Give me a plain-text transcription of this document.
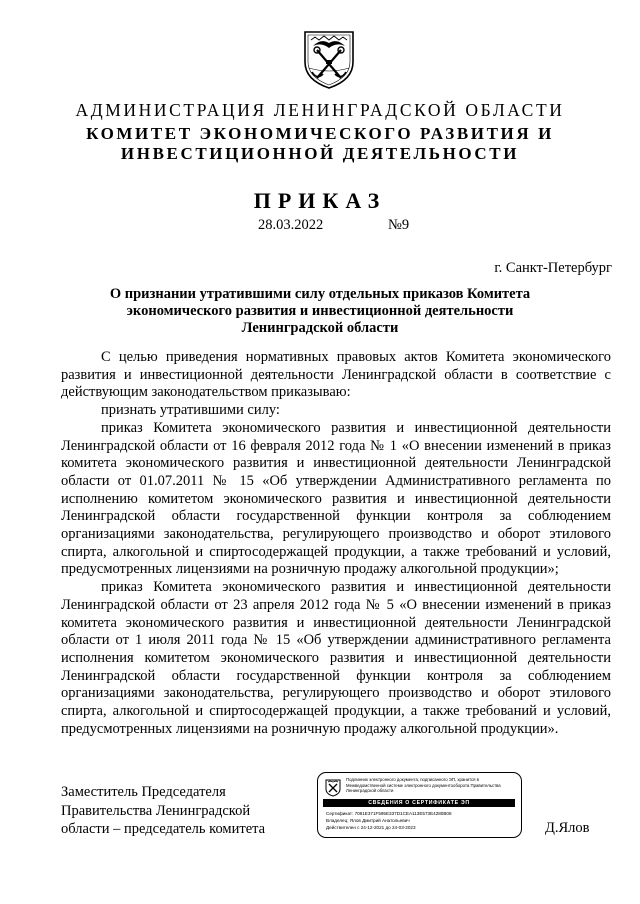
АДМИНИСТРАЦИЯ ЛЕНИНГРАДСКОЙ ОБЛАСТИ
КОМИТЕТ ЭКОНОМИЧЕСКОГО РАЗВИТИЯ И
ИНВЕСТИЦИОННОЙ ДЕЯТЕЛЬНОСТИ
ПРИКАЗ
28.03.2022	№9
г. Санкт-Петербург
О признании утратившими силу отдельных приказов Комитета
экономического развития и инвестиционной деятельности
Ленинградской области

С целью приведения нормативных правовых актов Комитета экономического развития и инвестиционной деятельности Ленинградской области в соответствие с действующим законодательством приказываю:

признать утратившими силу:

приказ Комитета экономического развития и инвестиционной деятельности Ленинградской области от 16 февраля 2012 года № 1 «О внесении изменений в приказ комитета экономического развития и инвестиционной деятельности Ленинградской области от 01.07.2011 № 15 «Об утверждении Административного регламента по исполнению комитетом экономического развития и инвестиционной деятельности Ленинградской области государственной функции контроля за соблюдением организациями законодательства, регулирующего производство и оборот этилового спирта, алкогольной и спиртосодержащей продукции, а также требований и условий, предусмотренных лицензиями на розничную продажу алкогольной продукции»;

приказ Комитета экономического развития и инвестиционной деятельности Ленинградской области от 23 апреля 2012 года № 5 «О внесении изменений в приказ комитета экономического развития и инвестиционной деятельности Ленинградской области от 1 июля 2011 года № 15 «Об утверждении административного регламента исполнения комитетом экономического развития и инвестиционной деятельности Ленинградской области государственной функции контроля за соблюдением организациями законодательства, регулирующего производство и оборот этилового спирта, алкогольной и спиртосодержащей продукции, а также требований и условий, предусмотренных лицензиями на розничную продажу алкогольной продукции».

Заместитель Председателя
Правительства Ленинградской
области – председатель комитета	Д.Ялов
Подлинник электронного документа, подписанного ЭП, хранится в Межведомственной системе электронного документооборота Правительства Ленинградской области
СВЕДЕНИЯ О СЕРТИФИКАТЕ ЭП
Сертификат: 7081E371F595E337D1CEA113E573E4280B08
Владелец: Ялов Дмитрий Анатольевич
Действителен с 24-12-2021 до 24-03-2023
